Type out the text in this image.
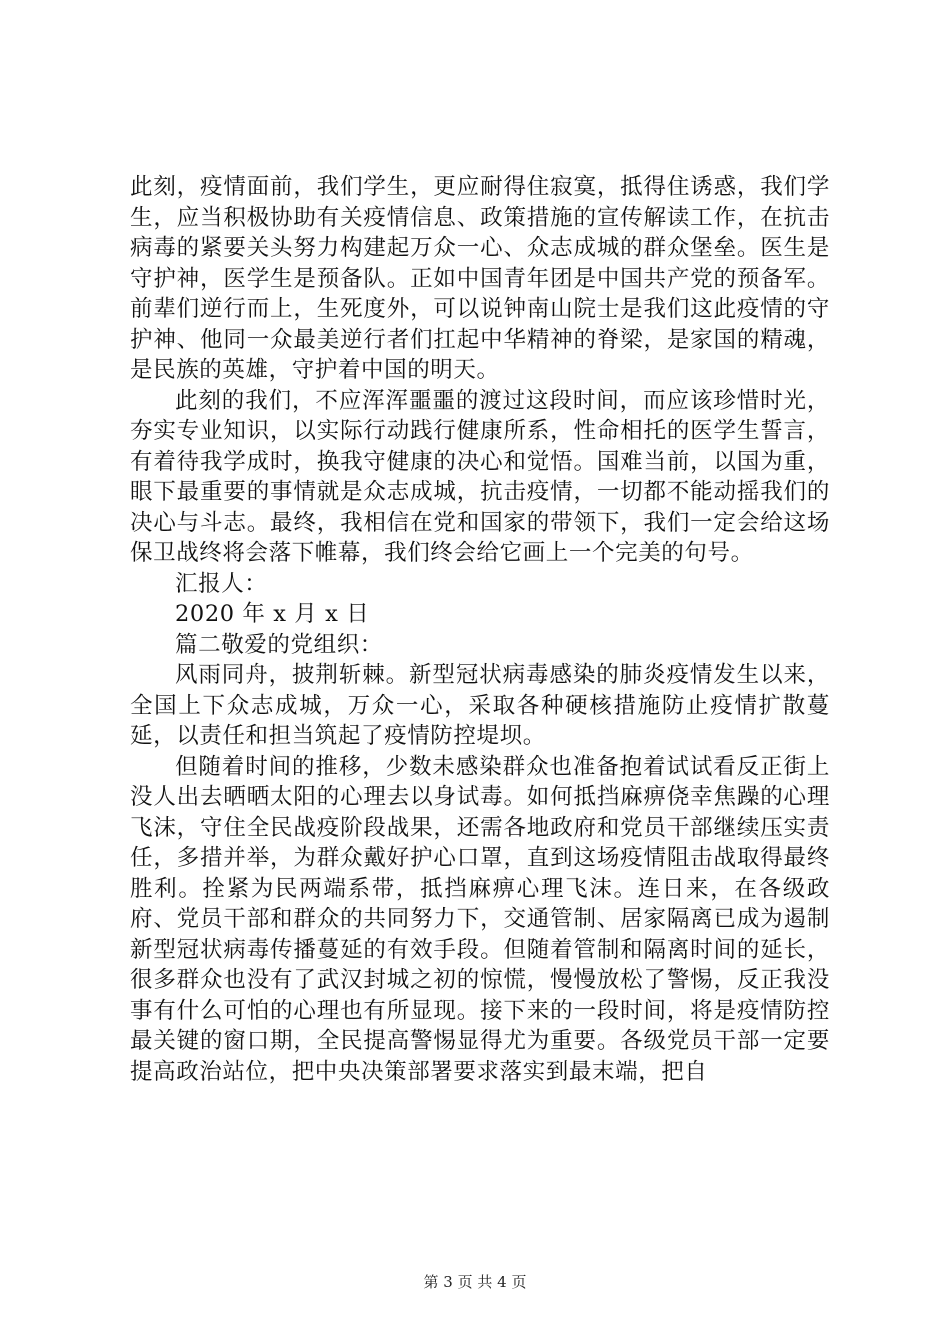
此刻，疫情面前，我们学生，更应耐得住寂寞，抵得住诱惑，我们学生，应当积极协助有关疫情信息、政策措施的宣传解读工作，在抗击病毒的紧要关头努力构建起万众一心、众志成城的群众堡垒。医生是守护神，医学生是预备队。正如中国青年团是中国共产党的预备军。前辈们逆行而上，生死度外，可以说钟南山院士是我们这此疫情的守护神、他同一众最美逆行者们扛起中华精神的脊梁，是家国的精魂，是民族的英雄，守护着中国的明天。

此刻的我们，不应浑浑噩噩的渡过这段时间，而应该珍惜时光，夯实专业知识，以实际行动践行健康所系，性命相托的医学生誓言，有着待我学成时，换我守健康的决心和觉悟。国难当前，以国为重，眼下最重要的事情就是众志成城，抗击疫情，一切都不能动摇我们的决心与斗志。最终，我相信在党和国家的带领下，我们一定会给这场保卫战终将会落下帷幕，我们终会给它画上一个完美的句号。

汇报人：

2020 年 x 月 x 日

篇二敬爱的党组织：

风雨同舟，披荆斩棘。新型冠状病毒感染的肺炎疫情发生以来，全国上下众志成城，万众一心，采取各种硬核措施防止疫情扩散蔓延，以责任和担当筑起了疫情防控堤坝。

但随着时间的推移，少数未感染群众也准备抱着试试看反正街上没人出去晒晒太阳的心理去以身试毒。如何抵挡麻痹侥幸焦躁的心理飞沫，守住全民战疫阶段战果，还需各地政府和党员干部继续压实责任，多措并举，为群众戴好护心口罩，直到这场疫情阻击战取得最终胜利。拴紧为民两端系带，抵挡麻痹心理飞沫。连日来，在各级政府、党员干部和群众的共同努力下，交通管制、居家隔离已成为遏制新型冠状病毒传播蔓延的有效手段。但随着管制和隔离时间的延长，很多群众也没有了武汉封城之初的惊慌，慢慢放松了警惕，反正我没事有什么可怕的心理也有所显现。接下来的一段时间，将是疫情防控最关键的窗口期，全民提高警惕显得尤为重要。各级党员干部一定要提高政治站位，把中央决策部署要求落实到最末端，把自

第 3 页 共 4 页
